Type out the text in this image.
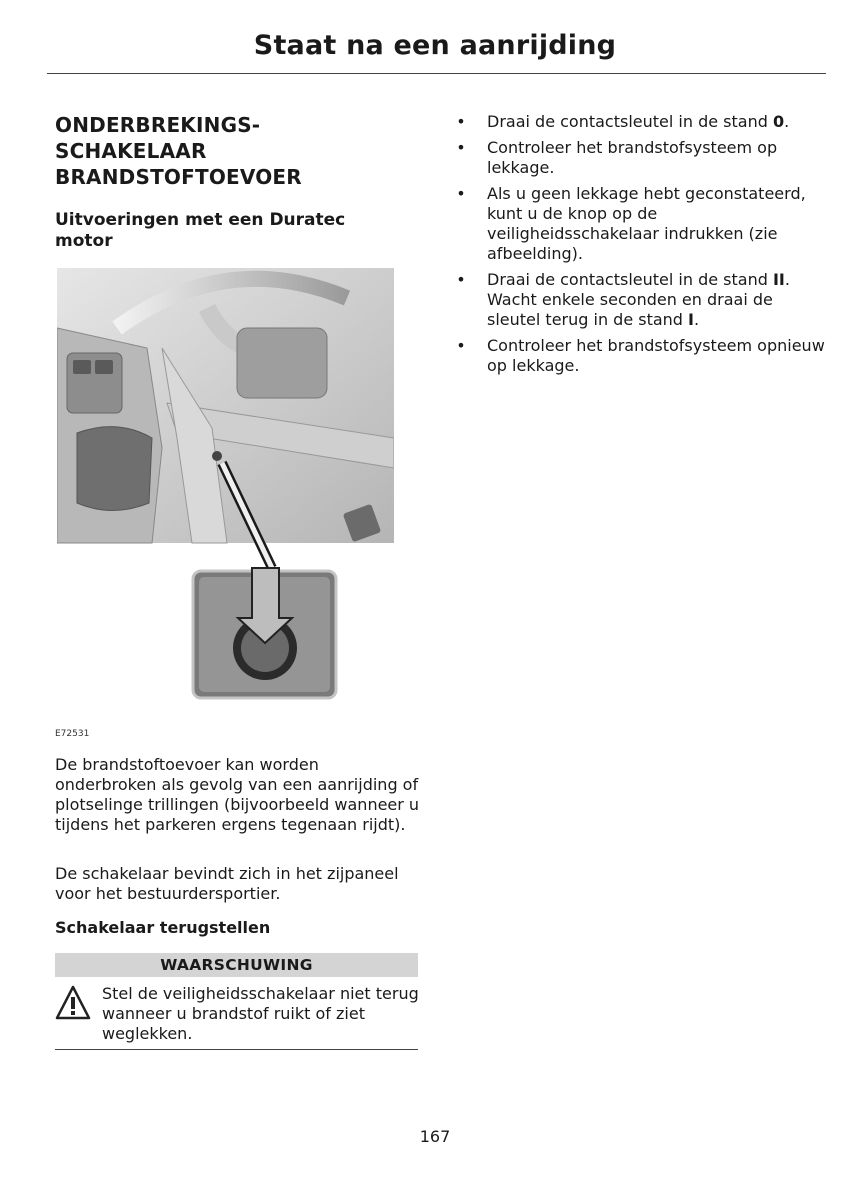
Staat na een aanrijding
ONDERBREKINGS-
SCHAKELAAR
BRANDSTOFTOEVOER
Uitvoeringen met een Duratec
motor
E72531

De brandstoftoevoer kan worden onderbroken als gevolg van een aanrijding of plotselinge trillingen (bijvoorbeeld wanneer u tijdens het parkeren ergens tegenaan rijdt).

De schakelaar bevindt zich in het zijpaneel voor het bestuurdersportier.

Schakelaar terugstellen

WAARSCHUWING

Stel de veiligheidsschakelaar niet terug wanneer u brandstof ruikt of ziet weglekken.

• Draai de contactsleutel in de stand 0.
• Controleer het brandstofsysteem op lekkage.
• Als u geen lekkage hebt geconstateerd, kunt u de knop op de veiligheidsschakelaar indrukken (zie afbeelding).
• Draai de contactsleutel in de stand II. Wacht enkele seconden en draai de sleutel terug in de stand I.
• Controleer het brandstofsysteem opnieuw op lekkage.
167
